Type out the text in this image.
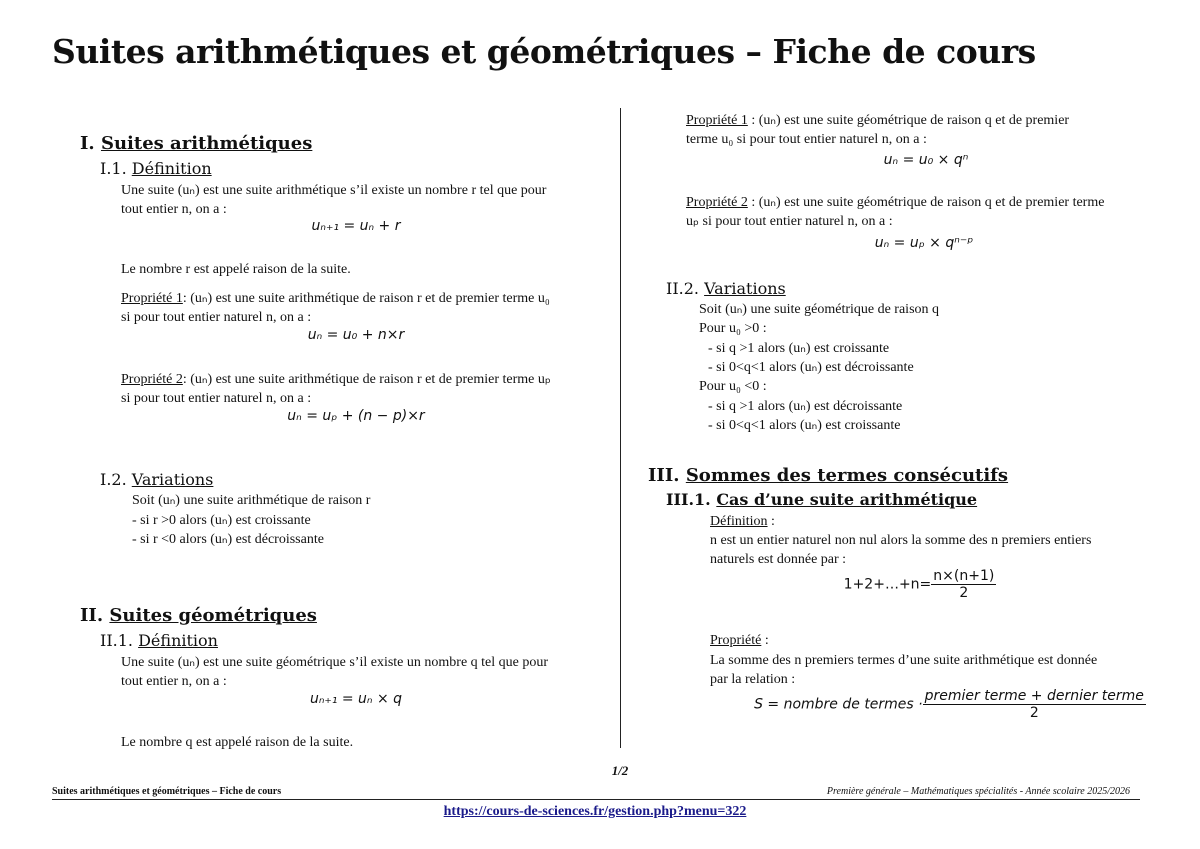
Suites arithmétiques et géométriques – Fiche de cours
I. Suites arithmétiques
I.1. Définition
Une suite (uₙ) est une suite arithmétique s’il existe un nombre r tel que pour
tout entier n, on a :
uₙ₊₁ = uₙ + r
Le nombre r est appelé raison de la suite.
Propriété 1: (uₙ) est une suite arithmétique de raison r et de premier terme u₀
si pour tout entier naturel n, on a :
uₙ = u₀ + n×r
Propriété 2: (uₙ) est une suite arithmétique de raison r et de premier terme uₚ
si pour tout entier naturel n, on a :
uₙ = uₚ + (n − p)×r
I.2. Variations
Soit (uₙ) une suite arithmétique de raison r
- si r >0 alors (uₙ) est croissante
- si r <0 alors (uₙ) est décroissante
II. Suites géométriques
II.1. Définition
Une suite (uₙ) est une suite géométrique s’il existe un nombre q tel que pour
tout entier n, on a :
uₙ₊₁ = uₙ × q
Le nombre q est appelé raison de la suite.
Propriété 1 : (uₙ) est une suite géométrique de raison q et de premier
terme u₀ si pour tout entier naturel n, on a :
uₙ = u₀ × qⁿ
Propriété 2 : (uₙ) est une suite géométrique de raison q et de premier terme
uₚ si pour tout entier naturel n, on a :
uₙ = uₚ × qⁿ⁻ᵖ
II.2. Variations
Soit (uₙ) une suite géométrique de raison q
Pour u₀ >0 :
- si q >1 alors (uₙ) est croissante
- si 0<q<1 alors (uₙ) est décroissante
Pour u₀ <0 :
- si q >1 alors (uₙ) est décroissante
- si 0<q<1 alors (uₙ) est croissante
III. Sommes des termes consécutifs
III.1. Cas d’une suite arithmétique
Définition :
n est un entier naturel non nul alors la somme des n premiers entiers
naturels est donnée par :
1+2+…+n= $\frac{n\times(n+1)}{2}$
Propriété :
La somme des n premiers termes d’une suite arithmétique est donnée
par la relation :
S = nombre de termes · $\frac{\text{premier terme + dernier terme}}{2}$
1/2
Suites arithmétiques et géométriques – Fiche de cours	Première générale – Mathématiques spécialités - Année scolaire 2025/2026
https://cours-de-sciences.fr/gestion.php?menu=322
